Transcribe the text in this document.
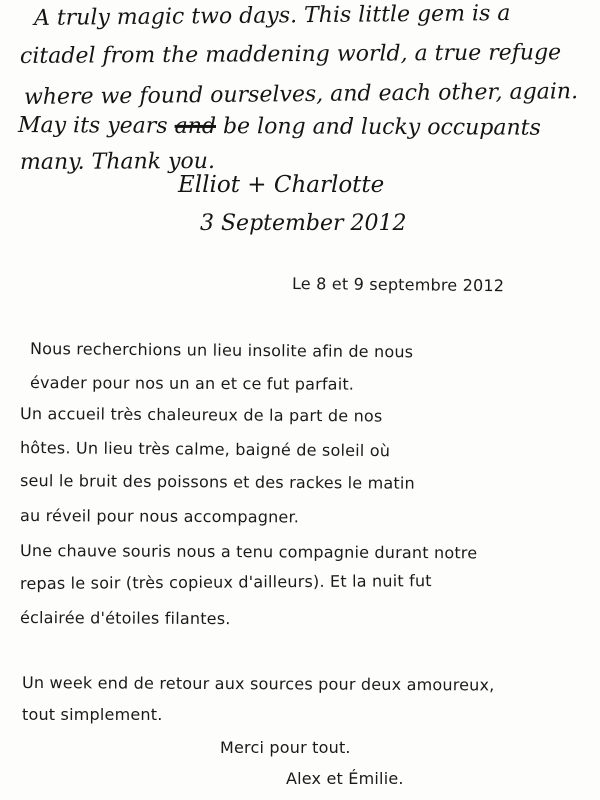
A truly magic two days. This little gem is a
citadel from the maddening world, a true refuge
where we found ourselves, and each other, again.
May its years and be long and lucky occupants
many. Thank you.
Elliot + Charlotte
3 September 2012
Le 8 et 9 septembre 2012
Nous recherchions un lieu insolite afin de nous
évader pour nos un an et ce fut parfait.
Un accueil très chaleureux de la part de nos
hôtes. Un lieu très calme, baigné de soleil où
seul le bruit des poissons et des rackes le matin
au réveil pour nous accompagner.
Une chauve souris nous a tenu compagnie durant notre
repas le soir (très copieux d'ailleurs). Et la nuit fut
éclairée d'étoiles filantes.
Un week end de retour aux sources pour deux amoureux,
tout simplement.
Merci pour tout.
Alex et Émilie.
